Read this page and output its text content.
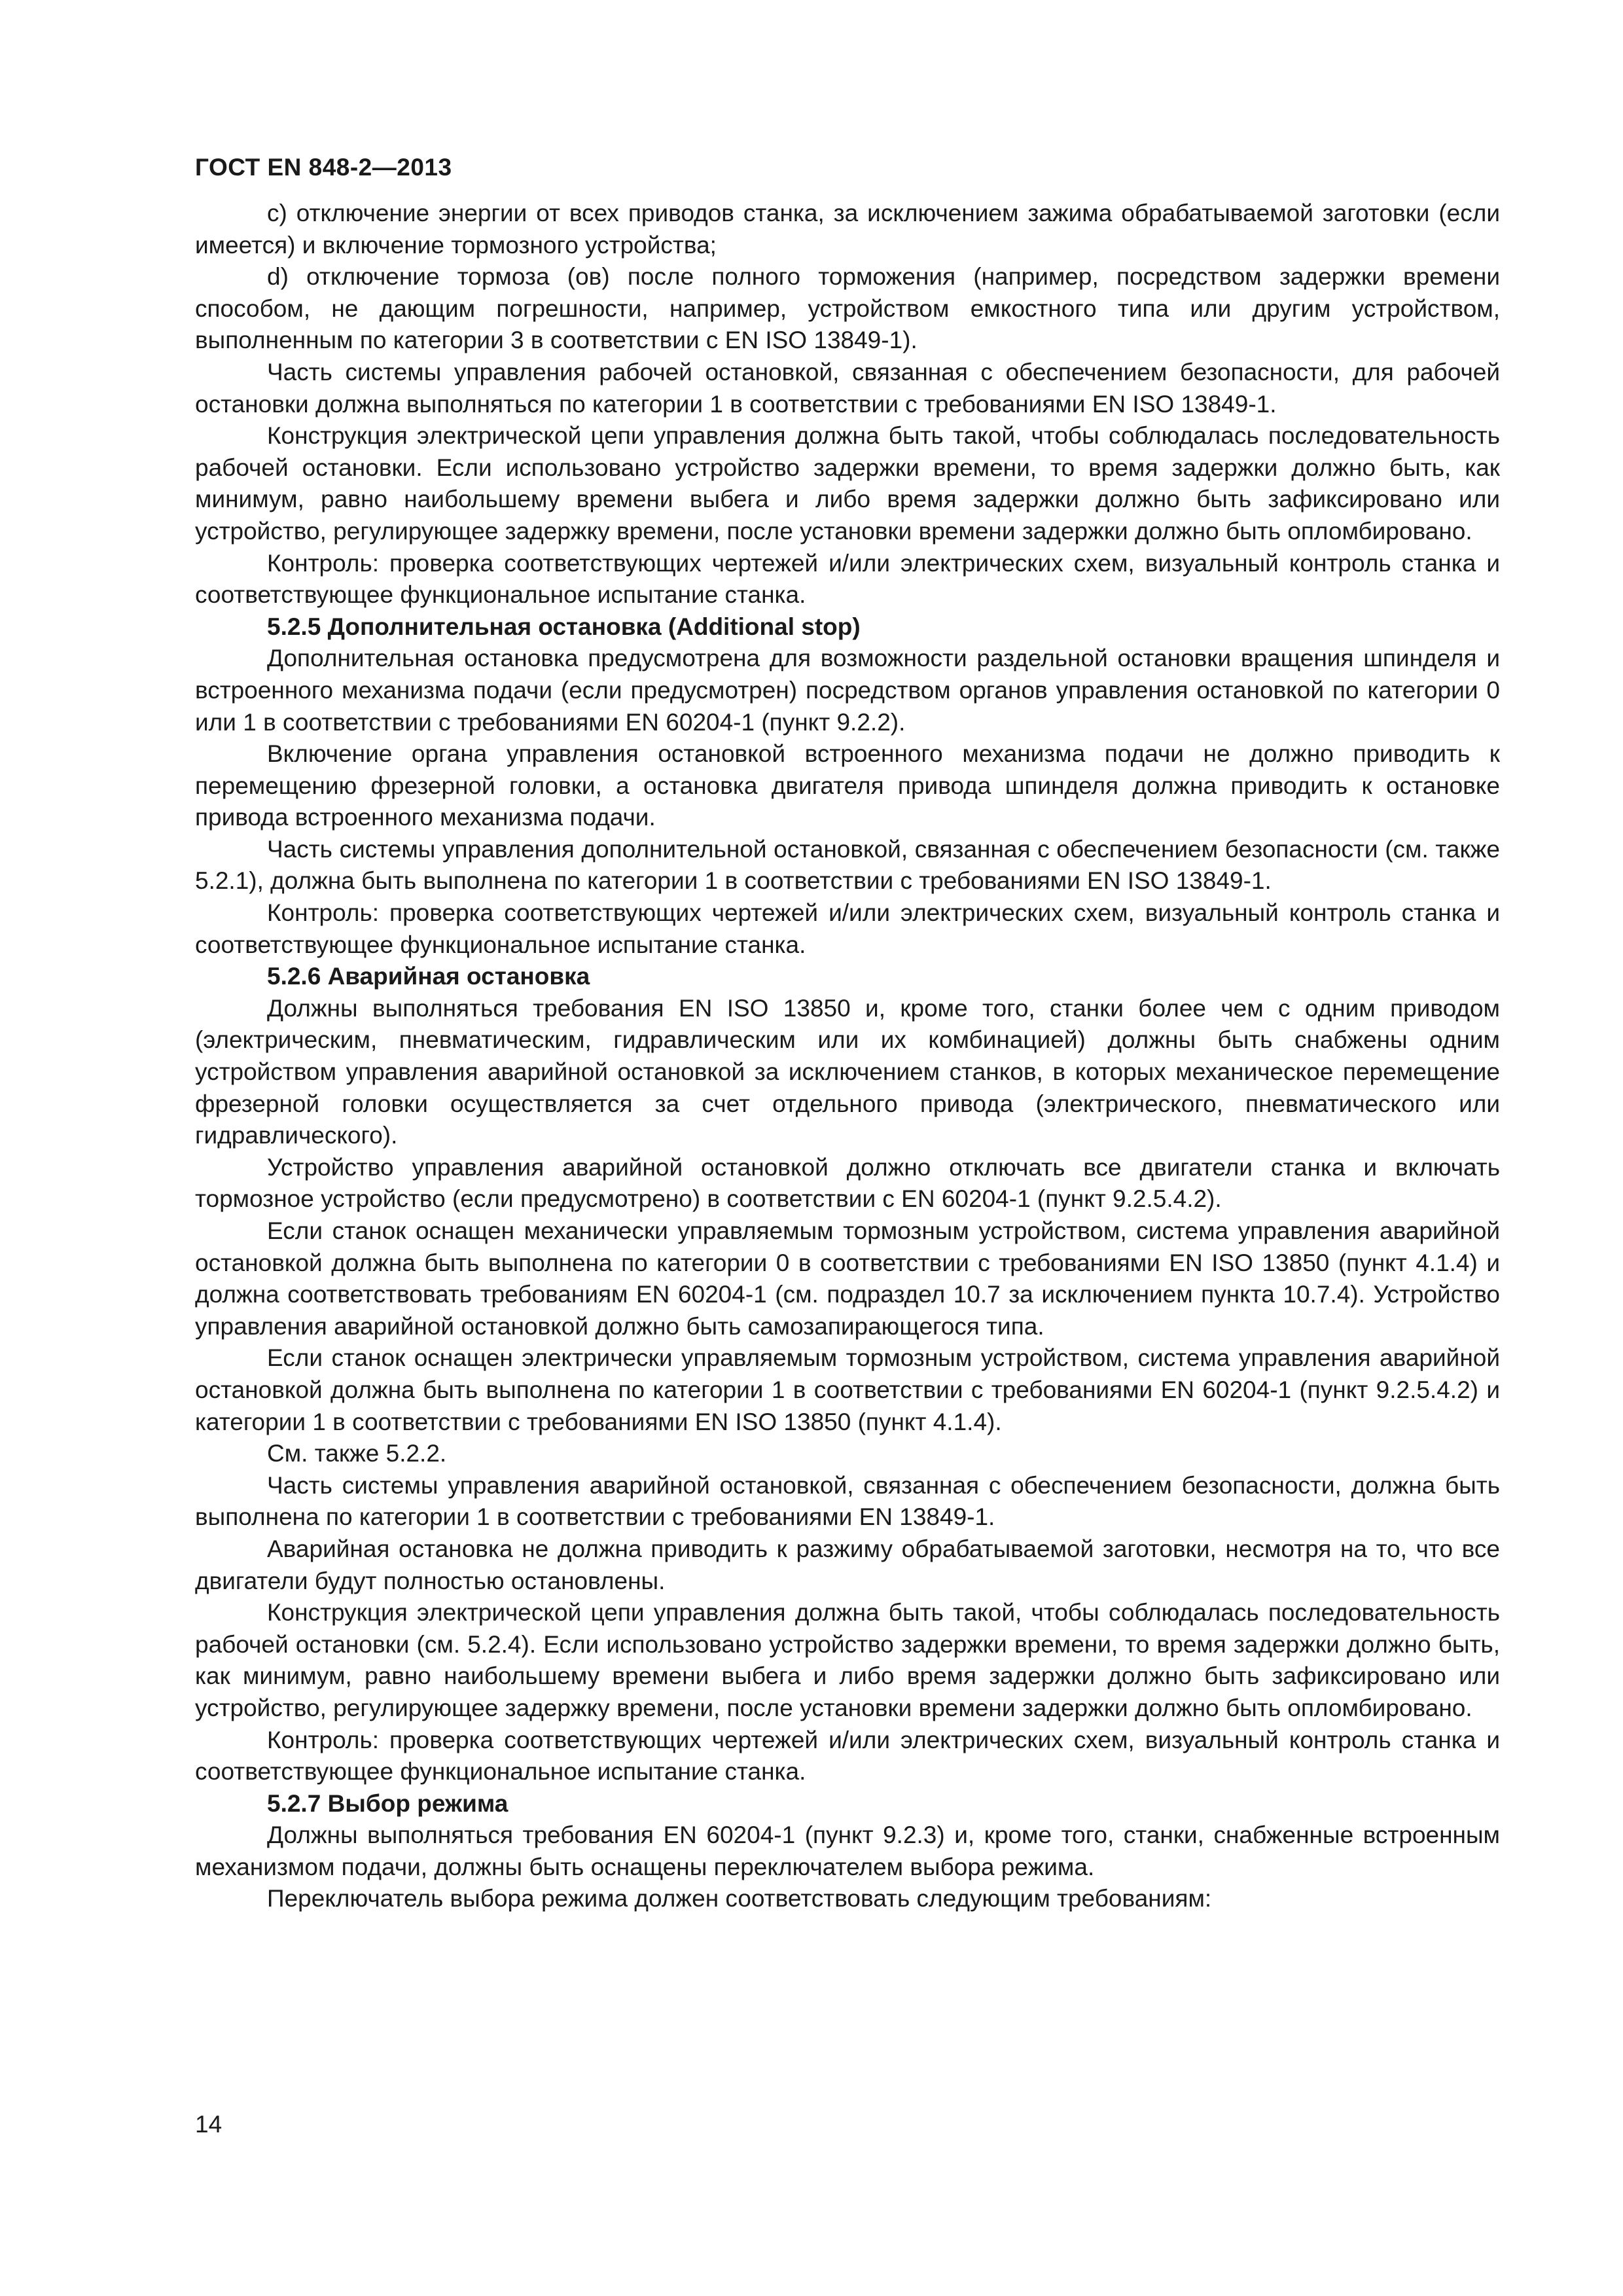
ГОСТ EN 848-2—2013

c) отключение энергии от всех приводов станка, за исключением зажима обрабатываемой заготовки (если имеется) и включение тормозного устройства;

d) отключение тормоза (ов) после полного торможения (например, посредством задержки времени способом, не дающим погрешности, например, устройством емкостного типа или другим устройством, выполненным по категории 3 в соответствии с EN ISO 13849-1).

Часть системы управления рабочей остановкой, связанная с обеспечением безопасности, для рабочей остановки должна выполняться по категории 1 в соответствии с требованиями EN ISO 13849-1.

Конструкция электрической цепи управления должна быть такой, чтобы соблюдалась последовательность рабочей остановки. Если использовано устройство задержки времени, то время задержки должно быть, как минимум, равно наибольшему времени выбега и либо время задержки должно быть зафиксировано или устройство, регулирующее задержку времени, после установки времени задержки должно быть опломбировано.

Контроль: проверка соответствующих чертежей и/или электрических схем, визуальный контроль станка и соответствующее функциональное испытание станка.

5.2.5 Дополнительная остановка (Additional stop)

Дополнительная остановка предусмотрена для возможности раздельной остановки вращения шпинделя и встроенного механизма подачи (если предусмотрен) посредством органов управления остановкой по категории 0 или 1 в соответствии с требованиями EN 60204-1 (пункт 9.2.2).

Включение органа управления остановкой встроенного механизма подачи не должно приводить к перемещению фрезерной головки, а остановка двигателя привода шпинделя должна приводить к остановке привода встроенного механизма подачи.

Часть системы управления дополнительной остановкой, связанная с обеспечением безопасности (см. также 5.2.1), должна быть выполнена по категории 1 в соответствии с требованиями EN ISO 13849-1.

Контроль: проверка соответствующих чертежей и/или электрических схем, визуальный контроль станка и соответствующее функциональное испытание станка.

5.2.6 Аварийная остановка

Должны выполняться требования EN ISO 13850 и, кроме того, станки более чем с одним приводом (электрическим, пневматическим, гидравлическим или их комбинацией) должны быть снабжены одним устройством управления аварийной остановкой за исключением станков, в которых механическое перемещение фрезерной головки осуществляется за счет отдельного привода (электрического, пневматического или гидравлического).

Устройство управления аварийной остановкой должно отключать все двигатели станка и включать тормозное устройство (если предусмотрено) в соответствии с EN 60204-1 (пункт 9.2.5.4.2).

Если станок оснащен механически управляемым тормозным устройством, система управления аварийной остановкой должна быть выполнена по категории 0 в соответствии с требованиями EN ISO 13850 (пункт 4.1.4) и должна соответствовать требованиям EN 60204-1 (см. подраздел 10.7 за исключением пункта 10.7.4). Устройство управления аварийной остановкой должно быть самозапирающегося типа.

Если станок оснащен электрически управляемым тормозным устройством, система управления аварийной остановкой должна быть выполнена по категории 1 в соответствии с требованиями EN 60204-1 (пункт 9.2.5.4.2) и категории 1 в соответствии с требованиями EN ISO 13850 (пункт 4.1.4).

См. также 5.2.2.

Часть системы управления аварийной остановкой, связанная с обеспечением безопасности, должна быть выполнена по категории 1 в соответствии с требованиями EN 13849-1.

Аварийная остановка не должна приводить к разжиму обрабатываемой заготовки, несмотря на то, что все двигатели будут полностью остановлены.

Конструкция электрической цепи управления должна быть такой, чтобы соблюдалась последовательность рабочей остановки (см. 5.2.4). Если использовано устройство задержки времени, то время задержки должно быть, как минимум, равно наибольшему времени выбега и либо время задержки должно быть зафиксировано или устройство, регулирующее задержку времени, после установки времени задержки должно быть опломбировано.

Контроль: проверка соответствующих чертежей и/или электрических схем, визуальный контроль станка и соответствующее функциональное испытание станка.

5.2.7 Выбор режима

Должны выполняться требования EN 60204-1 (пункт 9.2.3) и, кроме того, станки, снабженные встроенным механизмом подачи, должны быть оснащены переключателем выбора режима.

Переключатель выбора режима должен соответствовать следующим требованиям:

14
